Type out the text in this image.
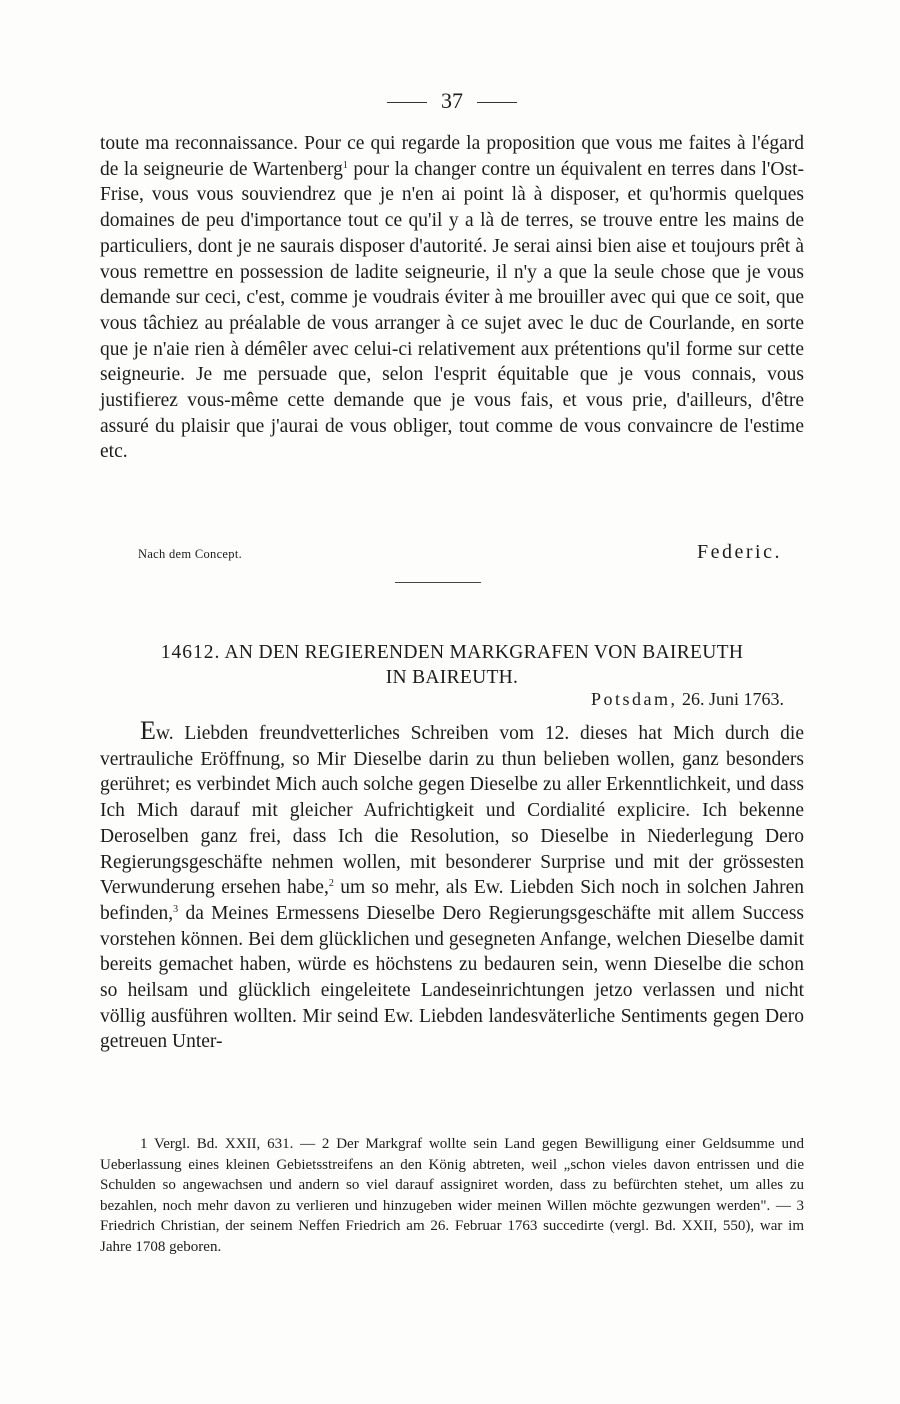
37

toute ma reconnaissance. Pour ce qui regarde la proposition que vous me faites à l'égard de la seigneurie de Wartenberg$^1$ pour la changer contre un équivalent en terres dans l'Ost-Frise, vous vous souviendrez que je n'en ai point là à disposer, et qu'hormis quelques domaines de peu d'importance tout ce qu'il y a là de terres, se trouve entre les mains de particuliers, dont je ne saurais disposer d'autorité. Je serai ainsi bien aise et toujours prêt à vous remettre en possession de ladite seigneurie, il n'y a que la seule chose que je vous demande sur ceci, c'est, comme je voudrais éviter à me brouiller avec qui que ce soit, que vous tâchiez au préalable de vous arranger à ce sujet avec le duc de Courlande, en sorte que je n'aie rien à démêler avec celui-ci relativement aux prétentions qu'il forme sur cette seigneurie. Je me persuade que, selon l'esprit équitable que je vous connais, vous justifierez vous-même cette demande que je vous fais, et vous prie, d'ailleurs, d'être assuré du plaisir que j'aurai de vous obliger, tout comme de vous convaincre de l'estime etc.

Nach dem Concept.	Federic.
14612. AN DEN REGIERENDEN MARKGRAFEN VON BAIREUTH
IN BAIREUTH.
Potsdam, 26. Juni 1763.

Ew. Liebden freundvetterliches Schreiben vom 12. dieses hat Mich durch die vertrauliche Eröffnung, so Mir Dieselbe darin zu thun belieben wollen, ganz besonders gerühret; es verbindet Mich auch solche gegen Dieselbe zu aller Erkenntlichkeit, und dass Ich Mich darauf mit gleicher Aufrichtigkeit und Cordialité explicire. Ich bekenne Deroselben ganz frei, dass Ich die Resolution, so Dieselbe in Niederlegung Dero Regierungsgeschäfte nehmen wollen, mit besonderer Surprise und mit der grössesten Verwunderung ersehen habe,$^2$ um so mehr, als Ew. Liebden Sich noch in solchen Jahren befinden,$^3$ da Meines Ermessens Dieselbe Dero Regierungsgeschäfte mit allem Success vorstehen können. Bei dem glücklichen und gesegneten Anfange, welchen Dieselbe damit bereits gemachet haben, würde es höchstens zu bedauren sein, wenn Dieselbe die schon so heilsam und glücklich eingeleitete Landeseinrichtungen jetzo verlassen und nicht völlig ausführen wollten. Mir seind Ew. Liebden landesväterliche Sentiments gegen Dero getreuen Unter-

1 Vergl. Bd. XXII, 631. — 2 Der Markgraf wollte sein Land gegen Bewilligung einer Geldsumme und Ueberlassung eines kleinen Gebietsstreifens an den König abtreten, weil „schon vieles davon entrissen und die Schulden so angewachsen und andern so viel darauf assigniret worden, dass zu befürchten stehet, um alles zu bezahlen, noch mehr davon zu verlieren und hinzugeben wider meinen Willen möchte gezwungen werden". — 3 Friedrich Christian, der seinem Neffen Friedrich am 26. Februar 1763 succedirte (vergl. Bd. XXII, 550), war im Jahre 1708 geboren.
